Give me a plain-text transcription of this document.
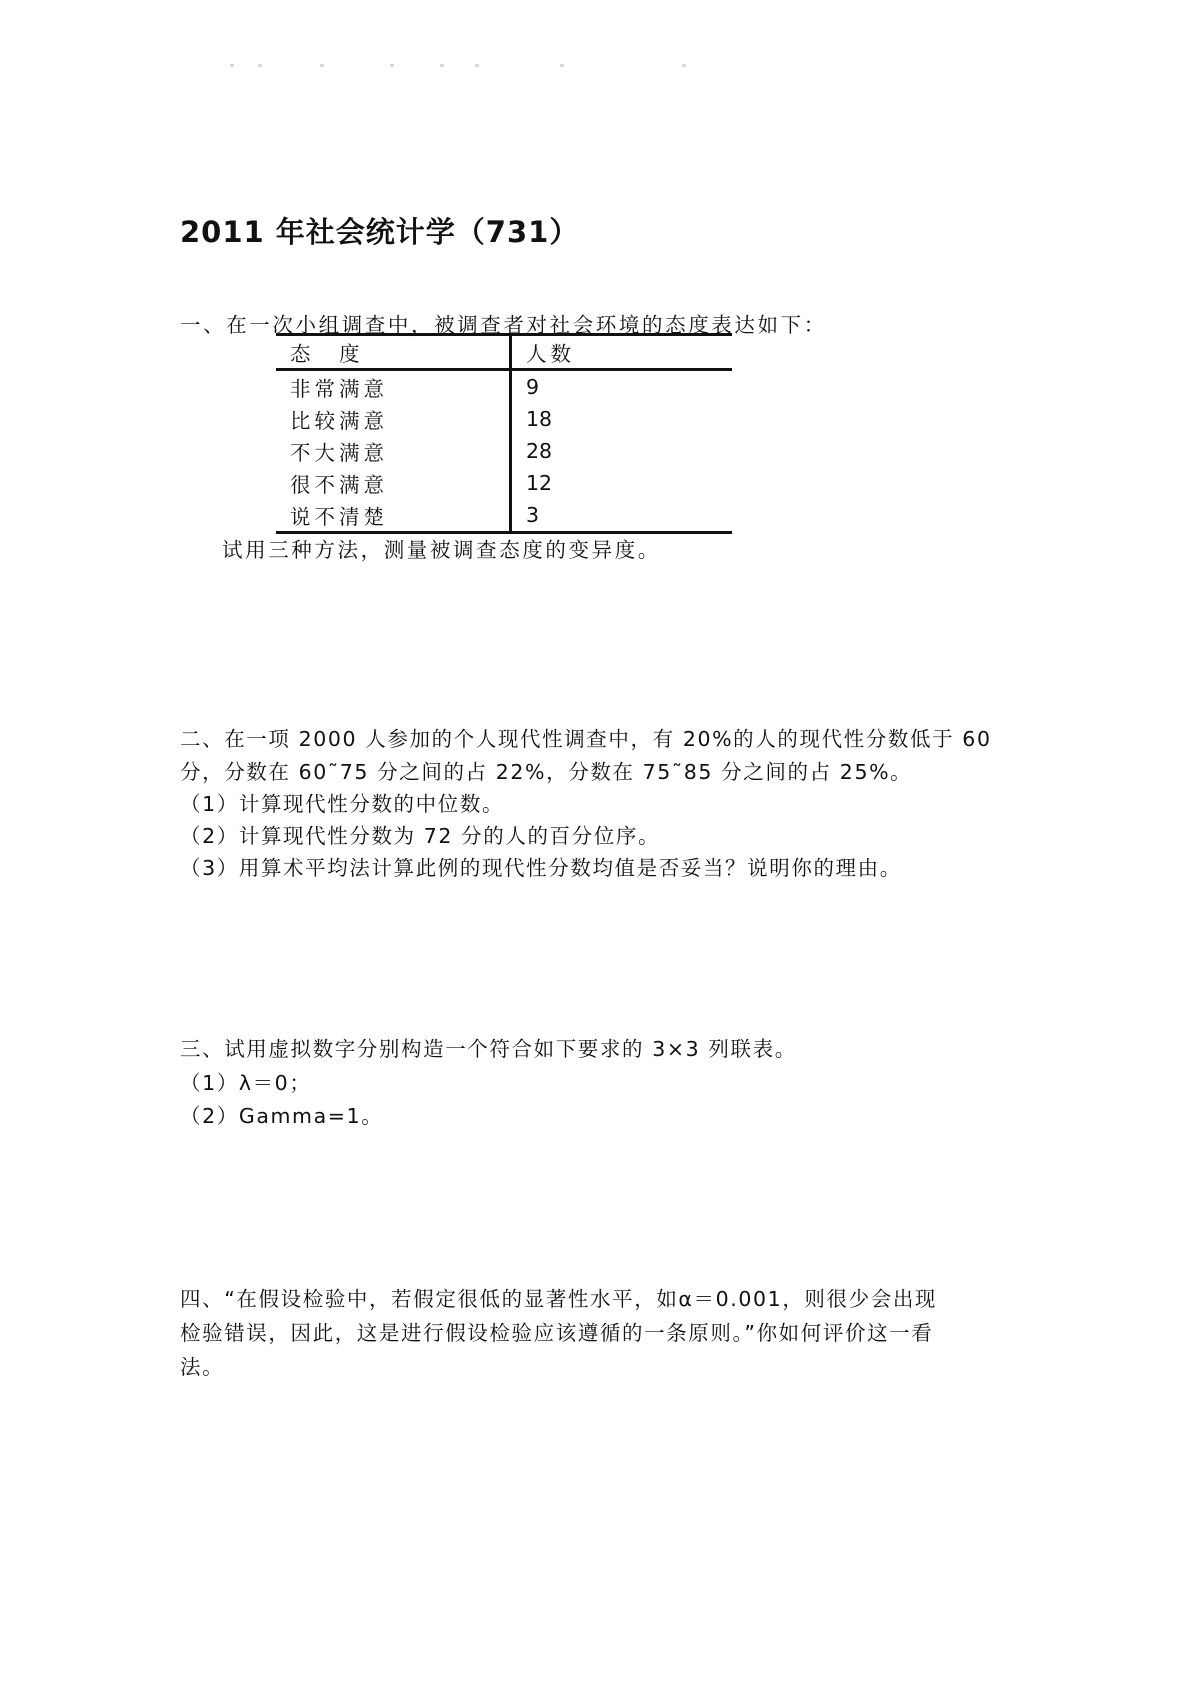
2011 年社会统计学（731）
一、在一次小组调查中，被调查者对社会环境的态度表达如下：
态　度	人数
非常满意	9
比较满意	18
不大满意	28
很不满意	12
说不清楚	3
试用三种方法，测量被调查态度的变异度。
二、在一项 2000 人参加的个人现代性调查中，有 20%的人的现代性分数低于 60
分，分数在 60˜75 分之间的占 22%，分数在 75˜85 分之间的占 25%。
（1）计算现代性分数的中位数。
（2）计算现代性分数为 72 分的人的百分位序。
（3）用算术平均法计算此例的现代性分数均值是否妥当？说明你的理由。
三、试用虚拟数字分别构造一个符合如下要求的 3×3 列联表。
（1）λ＝0；
（2）Gamma=1。
四、“在假设检验中，若假定很低的显著性水平，如α＝0.001，则很少会出现
检验错误，因此，这是进行假设检验应该遵循的一条原则。”你如何评价这一看
法。
